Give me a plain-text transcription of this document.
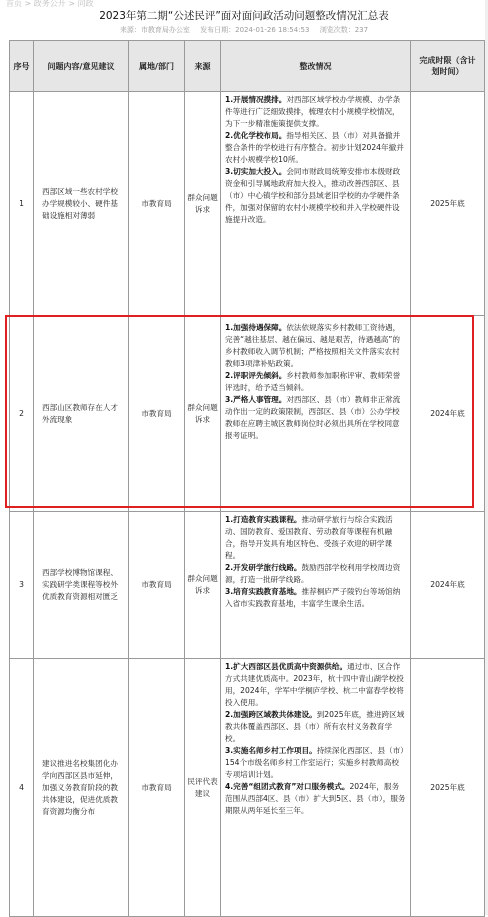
首页 > 政务公开 > 问政
2023年第二期“公述民评”面对面问政活动问题整改情况汇总表
来源：市教育局办公室 发布日期：2024-01-26 18:54:53 浏览次数：237
序号	问题内容/意见建议	属地/部门	来源	整改情况	完成时限（含计划时间）
1	西部区域一些农村学校办学规模较小、硬件基础设施相对薄弱	市教育局	群众问题诉求	1.开展情况摸排。对西部区域学校办学规模、办学条件等进行广泛细致摸排，梳理农村小规模学校情况，为下一步精准施策提供支撑。

2.优化学校布局。指导相关区、县（市）对具备撤并整合条件的学校进行有序整合。初步计划2024年撤并农村小规模学校10所。

3.切实加大投入。会同市财政局统筹安排市本级财政资金和引导属地政府加大投入，推动改善西部区、县（市）中心镇学校和部分县域老旧学校的办学硬件条件，加强对保留的农村小规模学校和并入学校硬件设施提升改造。	2025年底
2	西部山区教师存在人才外流现象	市教育局	群众问题诉求	1.加强待遇保障。依法依规落实乡村教师工资待遇，完善“越往基层、越在偏远、越是艰苦，待遇越高”的乡村教师收入调节机制；严格按照相关文件落实农村教师3项津补贴政策。

2.评职评先倾斜。乡村教师参加职称评审、教师荣誉评选时，给予适当倾斜。

3.严格人事管理。对西部区、县（市）教师非正常流动作出一定的政策限制，西部区、县（市）公办学校教师在应聘主城区教师岗位时必须出具所在学校同意报考证明。	2024年底
3	西部学校博物馆课程、实践研学类课程等校外优质教育资源相对匮乏	市教育局	群众问题诉求	1.打造教育实践课程。推动研学旅行与综合实践活动、国防教育、爱国教育、劳动教育等课程有机融合，指导开发具有地区特色、受孩子欢迎的研学课程。

2.开发研学旅行线路。鼓励西部学校利用学校周边资源，打造一批研学线路。

3.培育实践教育基地。推荐桐庐严子陵钓台等场馆纳入省市实践教育基地，丰富学生课余生活。	2024年底
4	建议推进名校集团化办学向西部区县市延伸，加强义务教育阶段的教共体建设，促进优质教育资源均衡分布	市教育局	民评代表建议	1.扩大西部区县优质高中资源供给。通过市、区合作方式共建优质高中。2023年，杭十四中青山湖学校投用，2024年，学军中学桐庐学校、杭二中富春学校将投入使用。

2.加强跨区域教共体建设。到2025年底，推进跨区域教共体覆盖西部区、县（市）所有农村义务教育学校。

3.实施名师乡村工作项目。持续深化西部区、县（市）154个市级名师乡村工作室运行；实施乡村教师高校专项培训计划。

4.完善“组团式教育”对口服务模式。2024年，服务范围从西部4区、县（市）扩大到5区、县（市），服务期限从两年延长至三年。	2025年底
